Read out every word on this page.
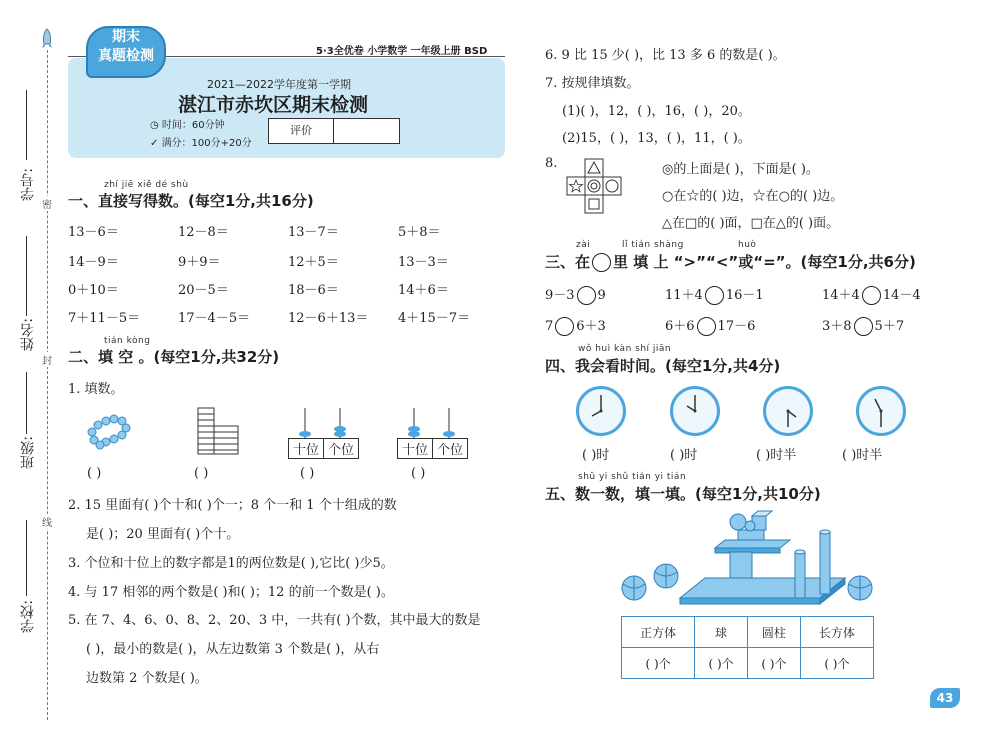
学号:
姓名:
班级:
学校:
密
封
线
5·3全优卷 小学数学 一年级上册 BSD
期末
真题检测
2021—2022学年度第一学期
湛江市赤坎区期末检测
◷ 时间：60分钟
✓ 满分：100分+20分
评价
zhí jiē xiě dé shù
一、直接写得数。(每空1分,共16分)
13－6＝	12－8＝	13－7＝	5＋8＝
14－9＝	9＋9＝	12＋5＝	13－3＝
0＋10＝	20－5＝	18－6＝	14＋6＝
7＋11－5＝	17－4－5＝	12－6＋13＝ 4＋15－7＝
tián kòng
二、填 空 。(每空1分,共32分)
1. 填数。
十位 个位	十位 个位
( )	( )	( )	( )
2. 15 里面有( )个十和( )个一；8 个一和 1 个十组成的数
是( )；20 里面有( )个十。
3. 个位和十位上的数字都是1的两位数是( ),它比( )少5。
4. 与 17 相邻的两个数是( )和( )；12 的前一个数是( )。
5. 在 7、4、6、0、8、2、20、3 中，一共有( )个数，其中最大的数是
( )，最小的数是( )，从左边数第 3 个数是( )，从右
边数第 2 个数是( )。
6. 9 比 15 少( )，比 13 多 6 的数是( )。
7. 按规律填数。
(1)( )，12，( )，16，( )，20。
(2)15，( )，13，( )，11，( )。
8.	◎的上面是( )，下面是( )。
○在☆的( )边，☆在○的( )边。
△在□的( )面，□在△的( )面。
zài	lǐ tián shàng	huò
三、在 里 填 上 “>”“<”或“=”。(每空1分,共6分)
9－3 9	11＋4 16－1	14＋4 14－4
7 6＋3	6＋6 17－6	3＋8 5＋7
wǒ huì kàn shí jiān
四、我会看时间。(每空1分,共4分)
( )时	( )时	( )时半	( )时半
shǔ yi shǔ tián yi tián
五、数一数，填一填。(每空1分,共10分)
正方体	球	圆柱	长方体
( )个	( )个	( )个	( )个
43
